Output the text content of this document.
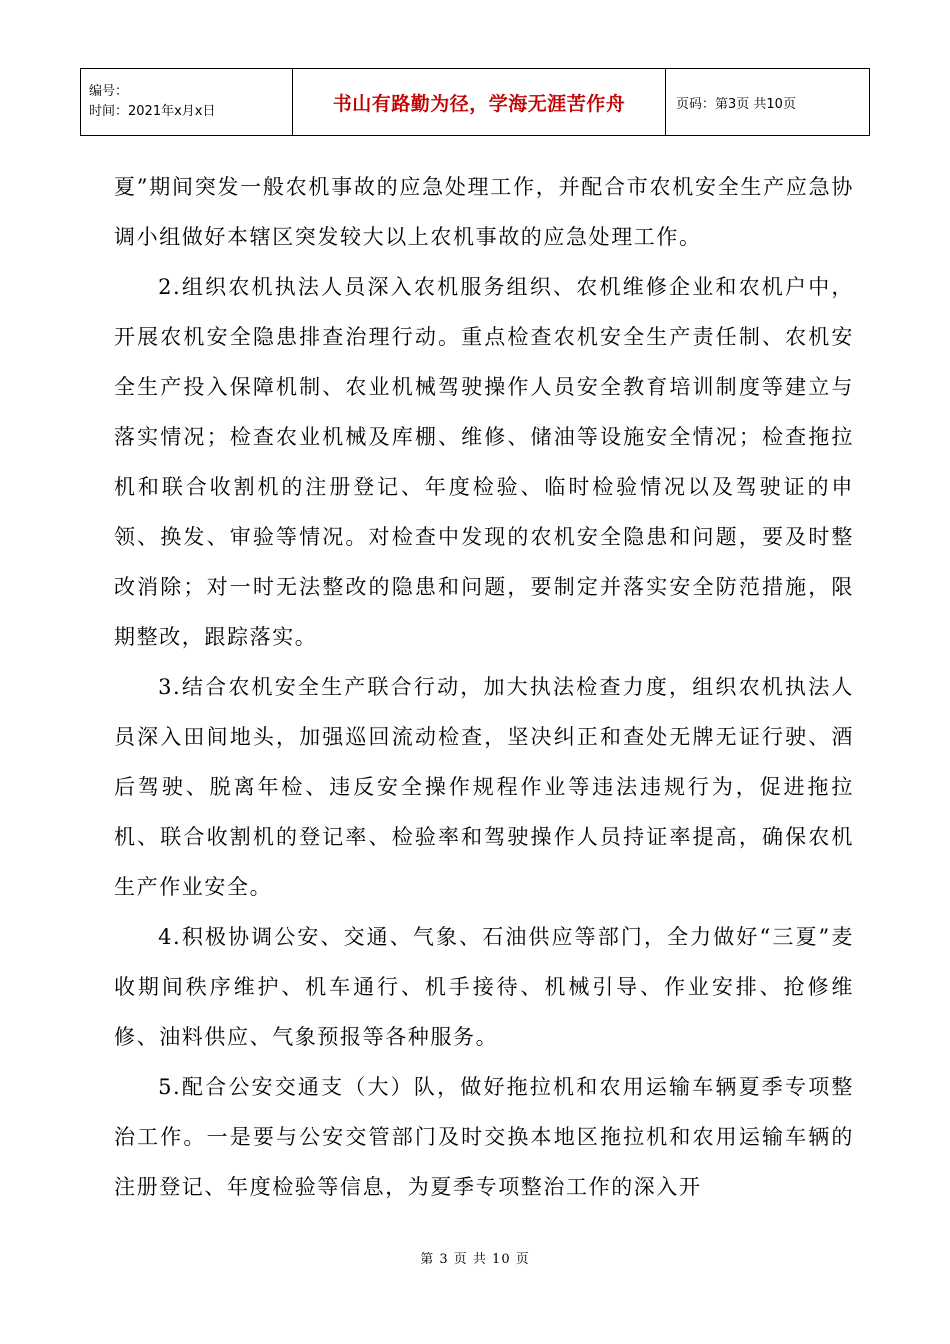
编号：
时间：2021年x月x日	书山有路勤为径，学海无涯苦作舟	页码：第3页 共10页

夏”期间突发一般农机事故的应急处理工作，并配合市农机安全生产应急协调小组做好本辖区突发较大以上农机事故的应急处理工作。

2.组织农机执法人员深入农机服务组织、农机维修企业和农机户中，开展农机安全隐患排查治理行动。重点检查农机安全生产责任制、农机安全生产投入保障机制、农业机械驾驶操作人员安全教育培训制度等建立与落实情况；检查农业机械及库棚、维修、储油等设施安全情况；检查拖拉机和联合收割机的注册登记、年度检验、临时检验情况以及驾驶证的申领、换发、审验等情况。对检查中发现的农机安全隐患和问题，要及时整改消除；对一时无法整改的隐患和问题，要制定并落实安全防范措施，限期整改，跟踪落实。

3.结合农机安全生产联合行动，加大执法检查力度，组织农机执法人员深入田间地头，加强巡回流动检查，坚决纠正和查处无牌无证行驶、酒后驾驶、脱离年检、违反安全操作规程作业等违法违规行为，促进拖拉机、联合收割机的登记率、检验率和驾驶操作人员持证率提高，确保农机生产作业安全。

4.积极协调公安、交通、气象、石油供应等部门，全力做好“三夏”麦收期间秩序维护、机车通行、机手接待、机械引导、作业安排、抢修维修、油料供应、气象预报等各种服务。

5.配合公安交通支（大）队，做好拖拉机和农用运输车辆夏季专项整治工作。一是要与公安交管部门及时交换本地区拖拉机和农用运输车辆的注册登记、年度检验等信息，为夏季专项整治工作的深入开

第 3 页 共 10 页
